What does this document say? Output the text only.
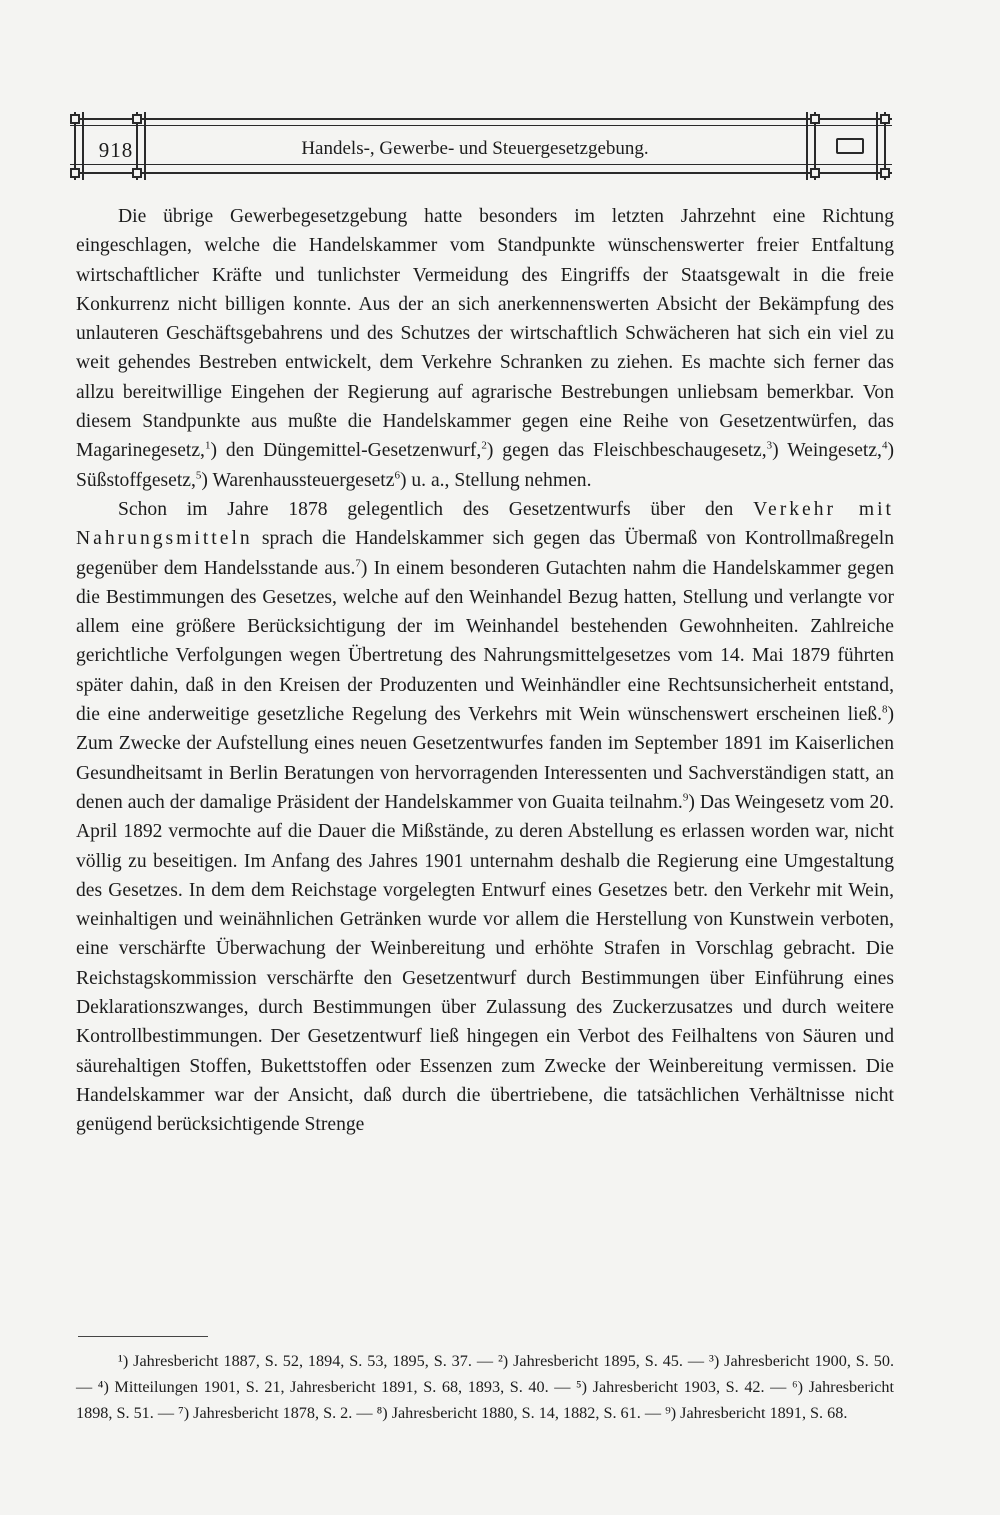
918	Handels-, Gewerbe- und Steuergesetzgebung.

Die übrige Gewerbegesetzgebung hatte besonders im letzten Jahrzehnt eine Richtung eingeschlagen, welche die Handelskammer vom Standpunkte wünschenswerter freier Entfaltung wirtschaftlicher Kräfte und tunlichster Vermeidung des Eingriffs der Staatsgewalt in die freie Konkurrenz nicht billigen konnte. Aus der an sich anerkennenswerten Absicht der Bekämpfung des unlauteren Geschäftsgebahrens und des Schutzes der wirtschaftlich Schwächeren hat sich ein viel zu weit gehendes Bestreben entwickelt, dem Verkehre Schranken zu ziehen. Es machte sich ferner das allzu bereitwillige Eingehen der Regierung auf agrarische Bestrebungen unliebsam bemerkbar. Von diesem Standpunkte aus mußte die Handelskammer gegen eine Reihe von Gesetzentwürfen, das Magarinegesetz,$^1$) den Düngemittel-Gesetzenwurf,$^2$) gegen das Fleischbeschaugesetz,$^3$) Weingesetz,$^4$) Süßstoffgesetz,$^5$) Warenhaussteuergesetz$^6$) u. a., Stellung nehmen.

Schon im Jahre 1878 gelegentlich des Gesetzentwurfs über den Verkehr mit Nahrungsmitteln sprach die Handelskammer sich gegen das Übermaß von Kontrollmaßregeln gegenüber dem Handelsstande aus.$^7$) In einem besonderen Gutachten nahm die Handelskammer gegen die Bestimmungen des Gesetzes, welche auf den Weinhandel Bezug hatten, Stellung und verlangte vor allem eine größere Berücksichtigung der im Weinhandel bestehenden Gewohnheiten. Zahlreiche gerichtliche Verfolgungen wegen Übertretung des Nahrungsmittelgesetzes vom 14. Mai 1879 führten später dahin, daß in den Kreisen der Produzenten und Weinhändler eine Rechtsunsicherheit entstand, die eine anderweitige gesetzliche Regelung des Verkehrs mit Wein wünschenswert erscheinen ließ.$^8$) Zum Zwecke der Aufstellung eines neuen Gesetzentwurfes fanden im September 1891 im Kaiserlichen Gesundheitsamt in Berlin Beratungen von hervorragenden Interessenten und Sachverständigen statt, an denen auch der damalige Präsident der Handelskammer von Guaita teilnahm.$^9$) Das Weingesetz vom 20. April 1892 vermochte auf die Dauer die Mißstände, zu deren Abstellung es erlassen worden war, nicht völlig zu beseitigen. Im Anfang des Jahres 1901 unternahm deshalb die Regierung eine Umgestaltung des Gesetzes. In dem dem Reichstage vorgelegten Entwurf eines Gesetzes betr. den Verkehr mit Wein, weinhaltigen und weinähnlichen Getränken wurde vor allem die Herstellung von Kunstwein verboten, eine verschärfte Überwachung der Weinbereitung und erhöhte Strafen in Vorschlag gebracht. Die Reichstagskommission verschärfte den Gesetzentwurf durch Bestimmungen über Einführung eines Deklarationszwanges, durch Bestimmungen über Zulassung des Zuckerzusatzes und durch weitere Kontrollbestimmungen. Der Gesetzentwurf ließ hingegen ein Verbot des Feilhaltens von Säuren und säurehaltigen Stoffen, Bukettstoffen oder Essenzen zum Zwecke der Weinbereitung vermissen. Die Handelskammer war der Ansicht, daß durch die übertriebene, die tatsächlichen Verhältnisse nicht genügend berücksichtigende Strenge

¹) Jahresbericht 1887, S. 52, 1894, S. 53, 1895, S. 37. — ²) Jahresbericht 1895, S. 45. — ³) Jahresbericht 1900, S. 50. — ⁴) Mitteilungen 1901, S. 21, Jahresbericht 1891, S. 68, 1893, S. 40. — ⁵) Jahresbericht 1903, S. 42. — ⁶) Jahresbericht 1898, S. 51. — ⁷) Jahresbericht 1878, S. 2. — ⁸) Jahresbericht 1880, S. 14, 1882, S. 61. — ⁹) Jahresbericht 1891, S. 68.
